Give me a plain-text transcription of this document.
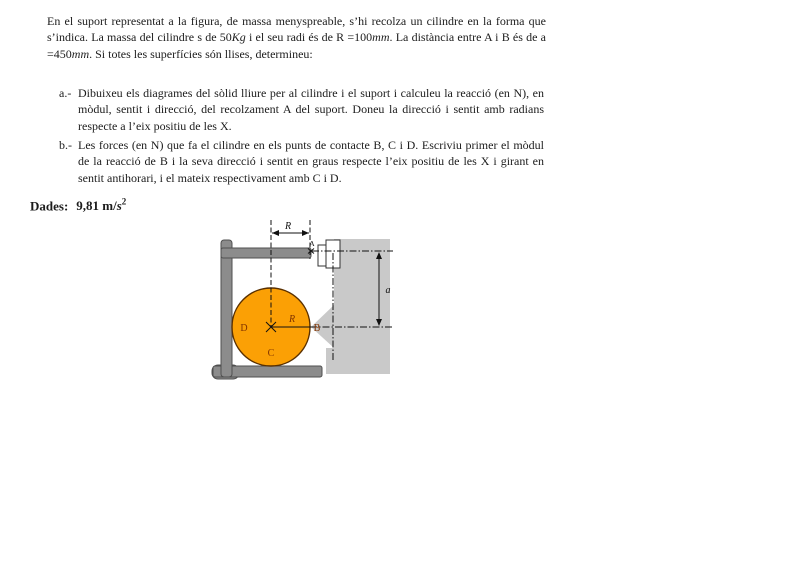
En el suport representat a la figura, de massa menyspreable, s’hi recolza un cilindre en la forma que s’indica. La massa del cilindre s de 50Kg i el seu radi és de R =100mm. La distància entre A i B és de a =450mm. Si totes les superfícies són llises, determineu:

a.- Dibuixeu els diagrames del sòlid lliure per al cilindre i el suport i calculeu la reacció (en N), en mòdul, sentit i direcció, del recolzament A del suport. Doneu la direcció i sentit amb radians respecte a l’eix positiu de les X.
b.- Les forces (en N) que fa el cilindre en els punts de contacte B, C i D. Escriviu primer el mòdul de la reacció de B i la seva direcció i sentit en graus respecte l’eix positiu de les X i girant en sentit antihorari, i el mateix respectivament amb C i D.

Dades: 9,81 $m/s^2$

R
a
A
D
R
B
C
